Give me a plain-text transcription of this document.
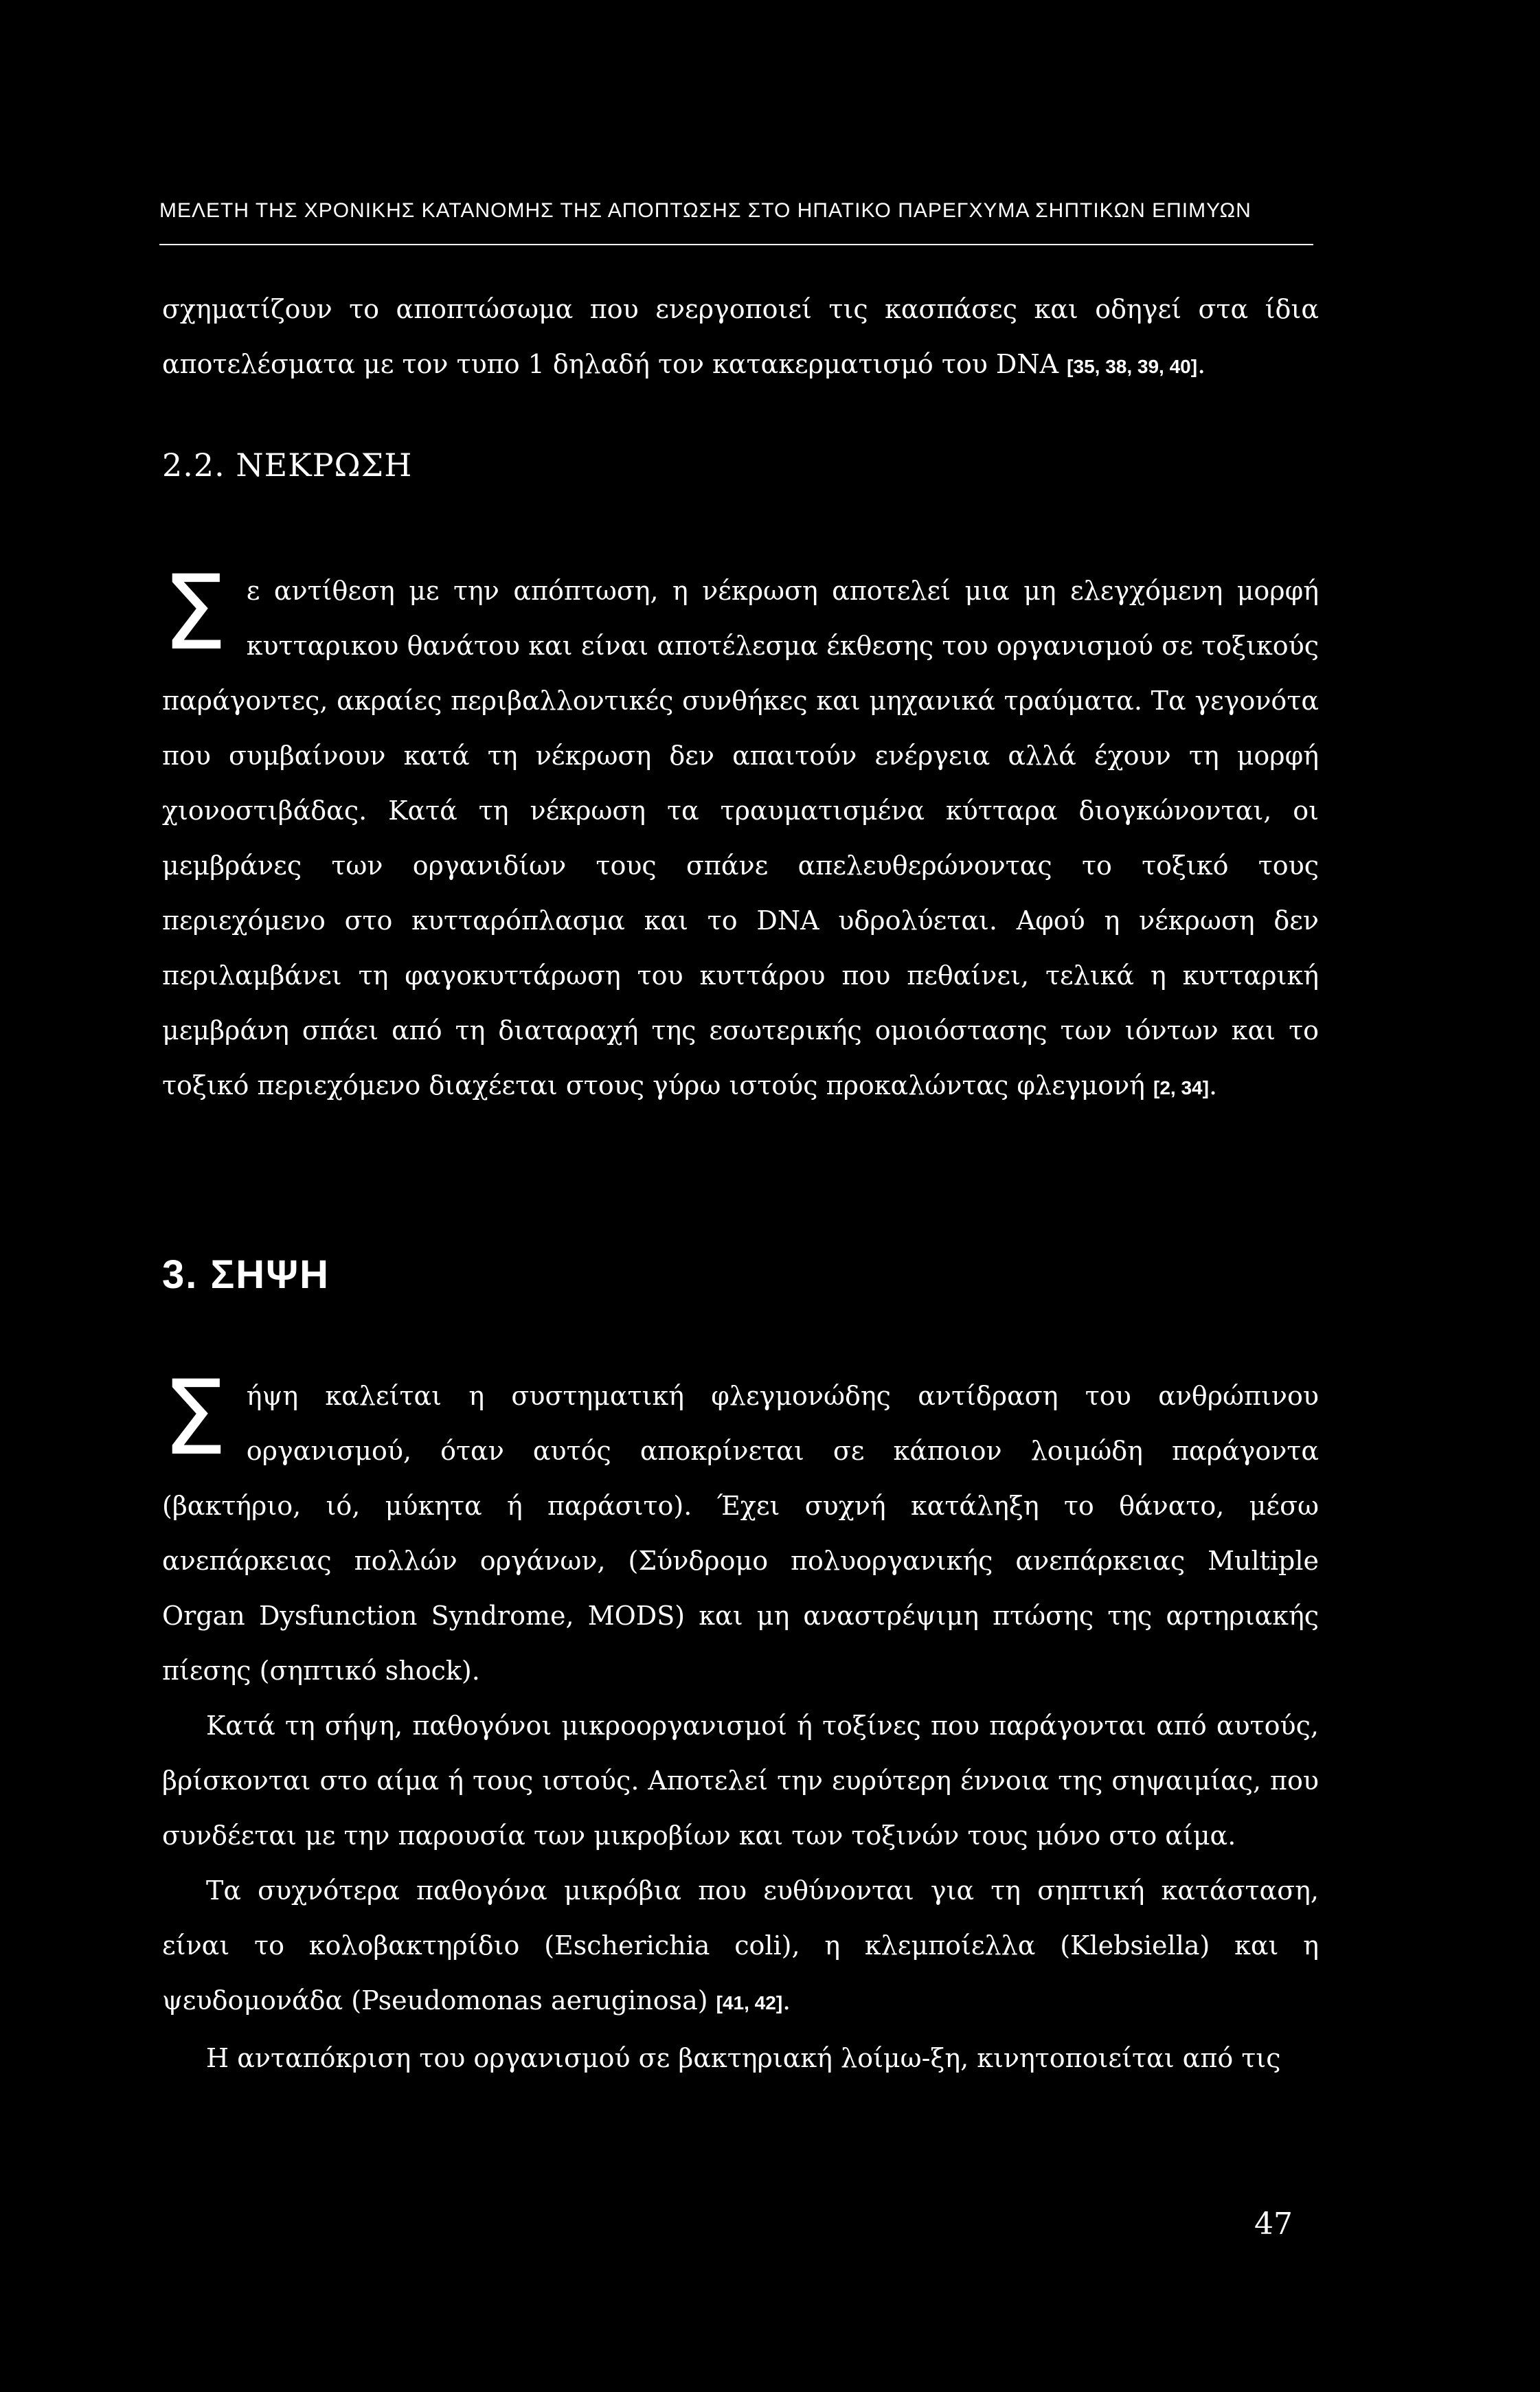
ΜΕΛΕΤΗ ΤΗΣ ΧΡΟΝΙΚΗΣ ΚΑΤΑΝΟΜΗΣ ΤΗΣ ΑΠΟΠΤΩΣΗΣ ΣΤΟ ΗΠΑΤΙΚΟ ΠΑΡΕΓΧΥΜΑ ΣΗΠΤΙΚΩΝ ΕΠΙΜΥΩΝ

σχηματίζουν το αποπτώσωμα που ενεργοποιεί τις κασπάσες και οδηγεί στα ίδια αποτελέσματα με τον τυπο 1 δηλαδή τον κατακερματισμό του DNA [35, 38, 39, 40].

2.2. ΝΕΚΡΩΣΗ

Σε αντίθεση με την απόπτωση, η νέκρωση αποτελεί μια μη ελεγχόμενη μορφή κυτταρικου θανάτου και είναι αποτέλεσμα έκθεσης του οργανισμού σε τοξικούς παράγοντες, ακραίες περιβαλλοντικές συνθήκες και μηχανικά τραύματα. Τα γεγονότα που συμβαίνουν κατά τη νέκρωση δεν απαιτούν ενέργεια αλλά έχουν τη μορφή χιονοστιβάδας. Κατά τη νέκρωση τα τραυματισμένα κύτταρα διογκώνονται, οι μεμβράνες των οργανιδίων τους σπάνε απελευθερώνοντας το τοξικό τους περιεχόμενο στο κυτταρόπλασμα και το DNA υδρολύεται. Αφού η νέκρωση δεν περιλαμβάνει τη φαγοκυττάρωση του κυττάρου που πεθαίνει, τελικά η κυτταρική μεμβράνη σπάει από τη διαταραχή της εσωτερικής ομοιόστασης των ιόντων και το τοξικό περιεχόμενο διαχέεται στους γύρω ιστούς προκαλώντας φλεγμονή [2, 34].

3. ΣΗΨΗ

Σήψη καλείται η συστηματική φλεγμονώδης αντίδραση του ανθρώπινου οργανισμού, όταν αυτός αποκρίνεται σε κάποιον λοιμώδη παράγοντα (βακτήριο, ιό, μύκητα ή παράσιτο). Έχει συχνή κατάληξη το θάνατο, μέσω ανεπάρκειας πολλών οργάνων, (Σύνδρομο πολυοργανικής ανεπάρκειας Multiple Organ Dysfunction Syndrome, MODS) και μη αναστρέψιμη πτώσης της αρτηριακής πίεσης (σηπτικό shock).

Κατά τη σήψη, παθογόνοι μικροοργανισμοί ή τοξίνες που παράγονται από αυτούς, βρίσκονται στο αίμα ή τους ιστούς. Αποτελεί την ευρύτερη έννοια της σηψαιμίας, που συνδέεται με την παρουσία των μικροβίων και των τοξινών τους μόνο στο αίμα.

Τα συχνότερα παθογόνα μικρόβια που ευθύνονται για τη σηπτική κατάσταση, είναι το κολοβακτηρίδιο (Escherichia coli), η κλεμποίελλα (Klebsiella) και η ψευδομονάδα (Pseudomonas aeruginosa) [41, 42].

Η ανταπόκριση του οργανισμού σε βακτηριακή λοίμω-ξη, κινητοποιείται από τις

47
